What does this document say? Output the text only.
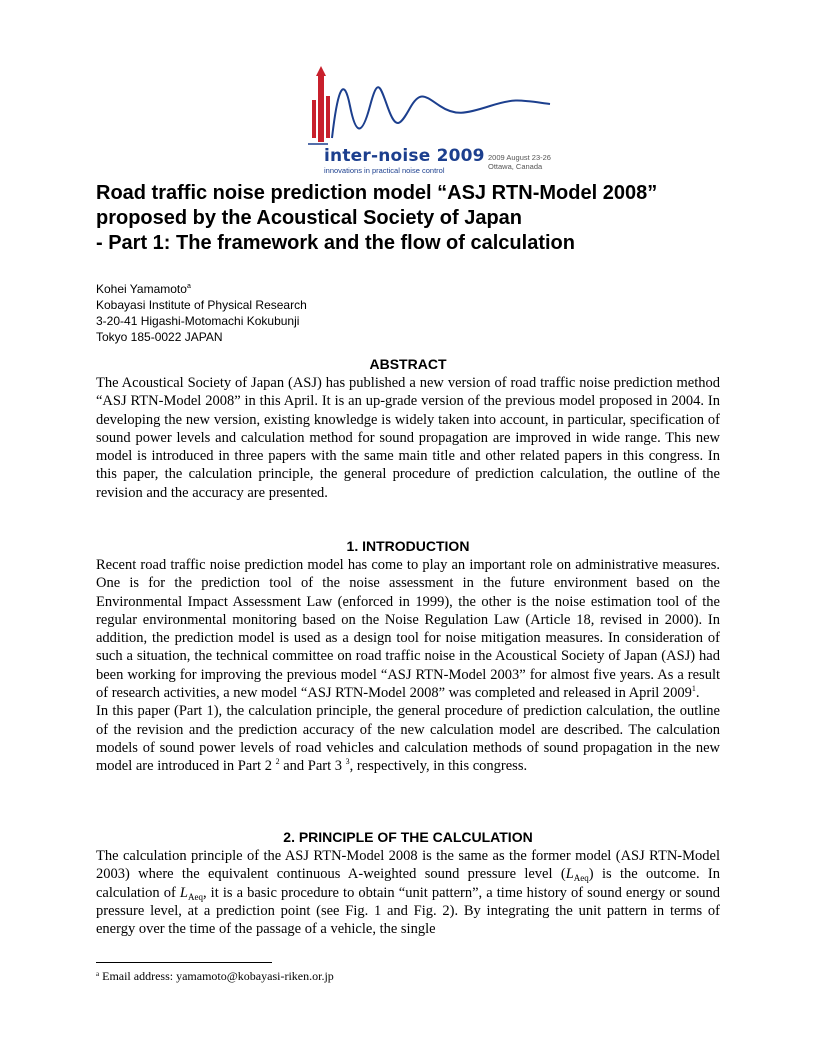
inter-noise 2009
innovations in practical noise control
2009 August 23-26
Ottawa, Canada
Road traffic noise prediction model “ASJ RTN-Model 2008”
proposed by the Acoustical Society of Japan
- Part 1: The framework and the flow of calculation
Kohei Yamamoto$^a$
Kobayasi Institute of Physical Research
3-20-41 Higashi-Motomachi Kokubunji
Tokyo 185-0022 JAPAN
ABSTRACT

The Acoustical Society of Japan (ASJ) has published a new version of road traffic noise prediction method “ASJ RTN-Model 2008” in this April. It is an up-grade version of the previous model proposed in 2004. In developing the new version, existing knowledge is widely taken into account, in particular, specification of sound power levels and calculation method for sound propagation are improved in wide range. This new model is introduced in three papers with the same main title and other related papers in this congress. In this paper, the calculation principle, the general procedure of prediction calculation, the outline of the revision and the accuracy are presented.

1. INTRODUCTION

Recent road traffic noise prediction model has come to play an important role on administrative measures. One is for the prediction tool of the noise assessment in the future environment based on the Environmental Impact Assessment Law (enforced in 1999), the other is the noise estimation tool of the regular environmental monitoring based on the Noise Regulation Law (Article 18, revised in 2000). In addition, the prediction model is used as a design tool for noise mitigation measures. In consideration of such a situation, the technical committee on road traffic noise in the Acoustical Society of Japan (ASJ) had been working for improving the previous model “ASJ RTN-Model 2003” for almost five years. As a result of research activities, a new model “ASJ RTN-Model 2008” was completed and released in April 2009$^1$.

In this paper (Part 1), the calculation principle, the general procedure of prediction calculation, the outline of the revision and the prediction accuracy of the new calculation model are described. The calculation models of sound power levels of road vehicles and calculation methods of sound propagation in the new model are introduced in Part 2 $^2$ and Part 3 $^3$, respectively, in this congress.

2. PRINCIPLE OF THE CALCULATION

The calculation principle of the ASJ RTN-Model 2008 is the same as the former model (ASJ RTN-Model 2003) where the equivalent continuous A-weighted sound pressure level $(L_{Aeq})$ is the outcome. In calculation of $L_{Aeq}$, it is a basic procedure to obtain “unit pattern”, a time history of sound energy or sound pressure level, at a prediction point (see Fig. 1 and Fig. 2). By integrating the unit pattern in terms of energy over the time of the passage of a vehicle, the single

$^a$ Email address: yamamoto@kobayasi-riken.or.jp
